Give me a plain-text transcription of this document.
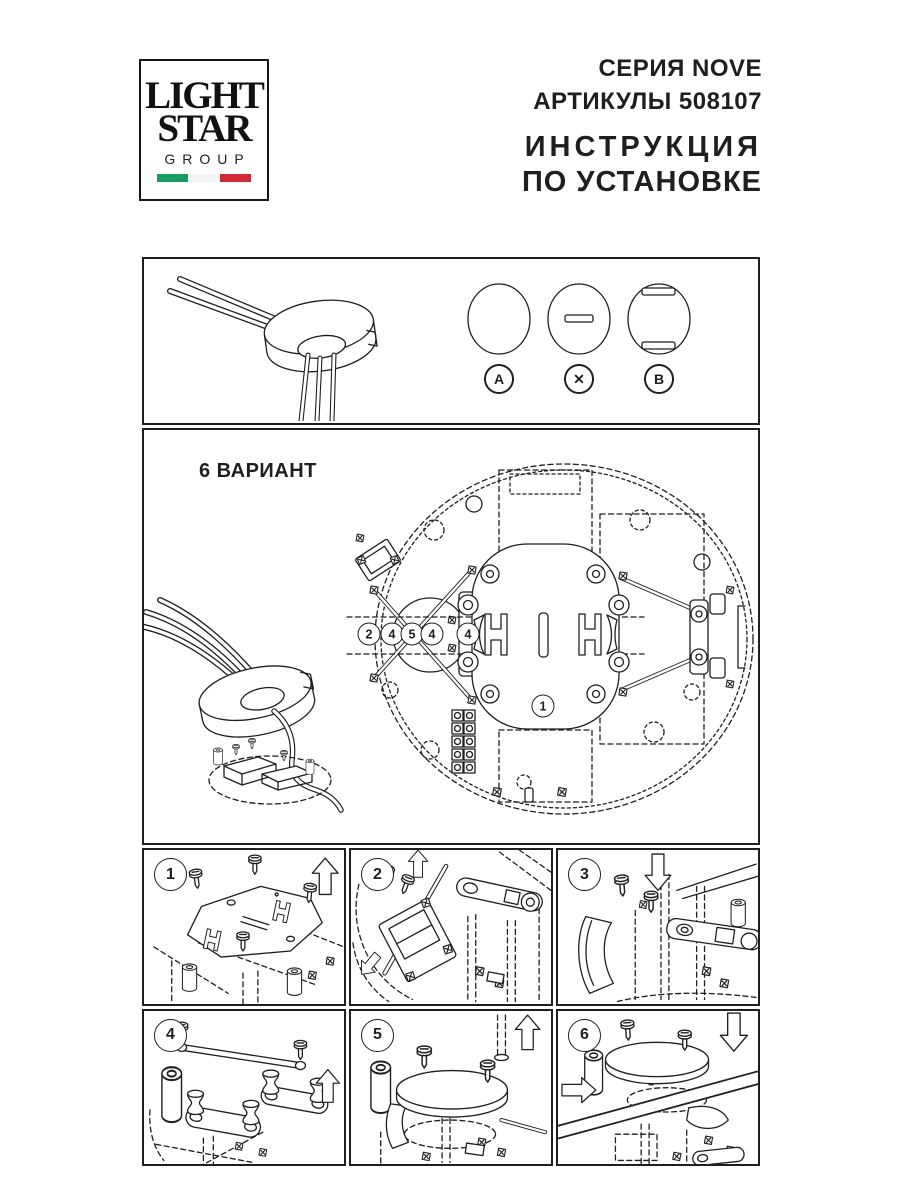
LIGHT
STAR
GROUP
СЕРИЯ NOVE
АРТИКУЛЫ 508107
ИНСТРУКЦИЯ
ПО УСТАНОВКЕ
A	✕	B
6 ВАРИАНТ
2	4	5	4	4
1
1	2	3
4	5	6
